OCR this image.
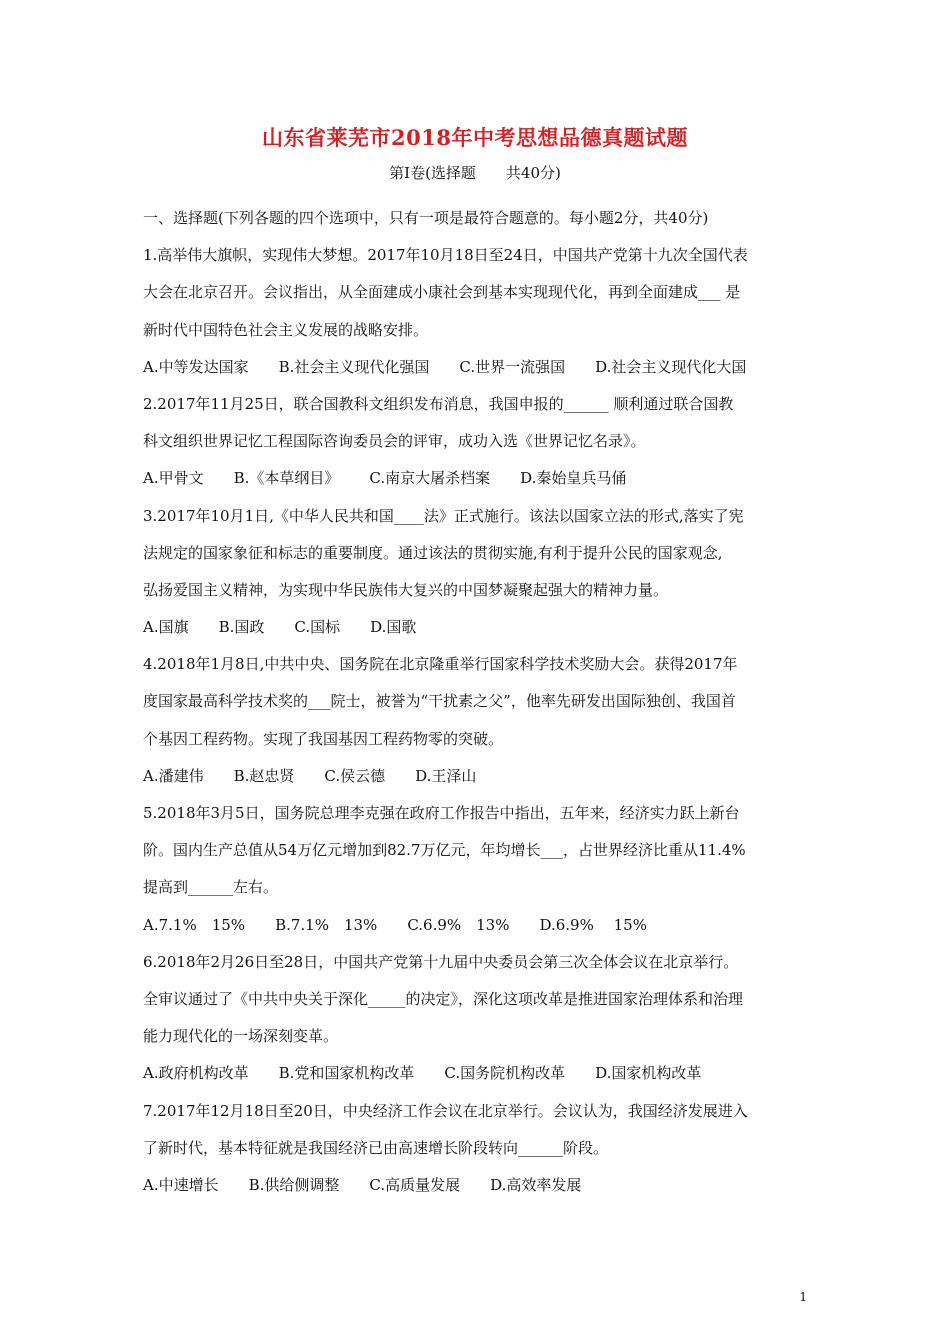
山东省莱芜市2018年中考思想品德真题试题
第Ⅰ卷(选择题　　共40分)
一、选择题(下列各题的四个选项中，只有一项是最符合题意的。每小题2分，共40分)
1.高举伟大旗帜，实现伟大梦想。2017年10月18日至24日，中国共产党第十九次全国代表
大会在北京召开。会议指出，从全面建成小康社会到基本实现现代化，再到全面建成___ 是
新时代中国特色社会主义发展的战略安排。
A.中等发达国家 B.社会主义现代化强国 C.世界一流强国 D.社会主义现代化大国
2.2017年11月25日，联合国教科文组织发布消息，我国申报的______ 顺利通过联合国教
科文组织世界记忆工程国际咨询委员会的评审，成功入选《世界记忆名录》。
A.甲骨文 B.《本草纲目》 C.南京大屠杀档案 D.秦始皇兵马俑
3.2017年10月1日,《中华人民共和国____法》正式施行。该法以国家立法的形式,落实了宪
法规定的国家象征和标志的重要制度。通过该法的贯彻实施,有利于提升公民的国家观念,
弘扬爱国主义精神，为实现中华民族伟大复兴的中国梦凝聚起强大的精神力量。
A.国旗 B.国政 C.国标 D.国歌
4.2018年1月8日,中共中央、国务院在北京隆重举行国家科学技术奖励大会。获得2017年
度国家最高科学技术奖的___院士，被誉为“干扰素之父”，他率先研发出国际独创、我国首
个基因工程药物。实现了我国基因工程药物零的突破。
A.潘建伟 B.赵忠贤 C.侯云德 D.王泽山
5.2018年3月5日，国务院总理李克强在政府工作报告中指出，五年来，经济实力跃上新台
阶。国内生产总值从54万亿元增加到82.7万亿元，年均增长___，占世界经济比重从11.4%
提高到______左右。
A.7.1%　15% B.7.1%　13% C.6.9%　13% D.6.9%　 15%
6.2018年2月26日至28日，中国共产党第十九届中央委员会第三次全体会议在北京举行。
全审议通过了《中共中央关于深化_____的决定》，深化这项改革是推进国家治理体系和治理
能力现代化的一场深刻变革。
A.政府机构改革 B.党和国家机构改革 C.国务院机构改革 D.国家机构改革
7.2017年12月18日至20日，中央经济工作会议在北京举行。会议认为，我国经济发展进入
了新时代，基本特征就是我国经济已由高速增长阶段转向______阶段。
A.中速增长 B.供给侧调整 C.高质量发展 D.高效率发展
1
